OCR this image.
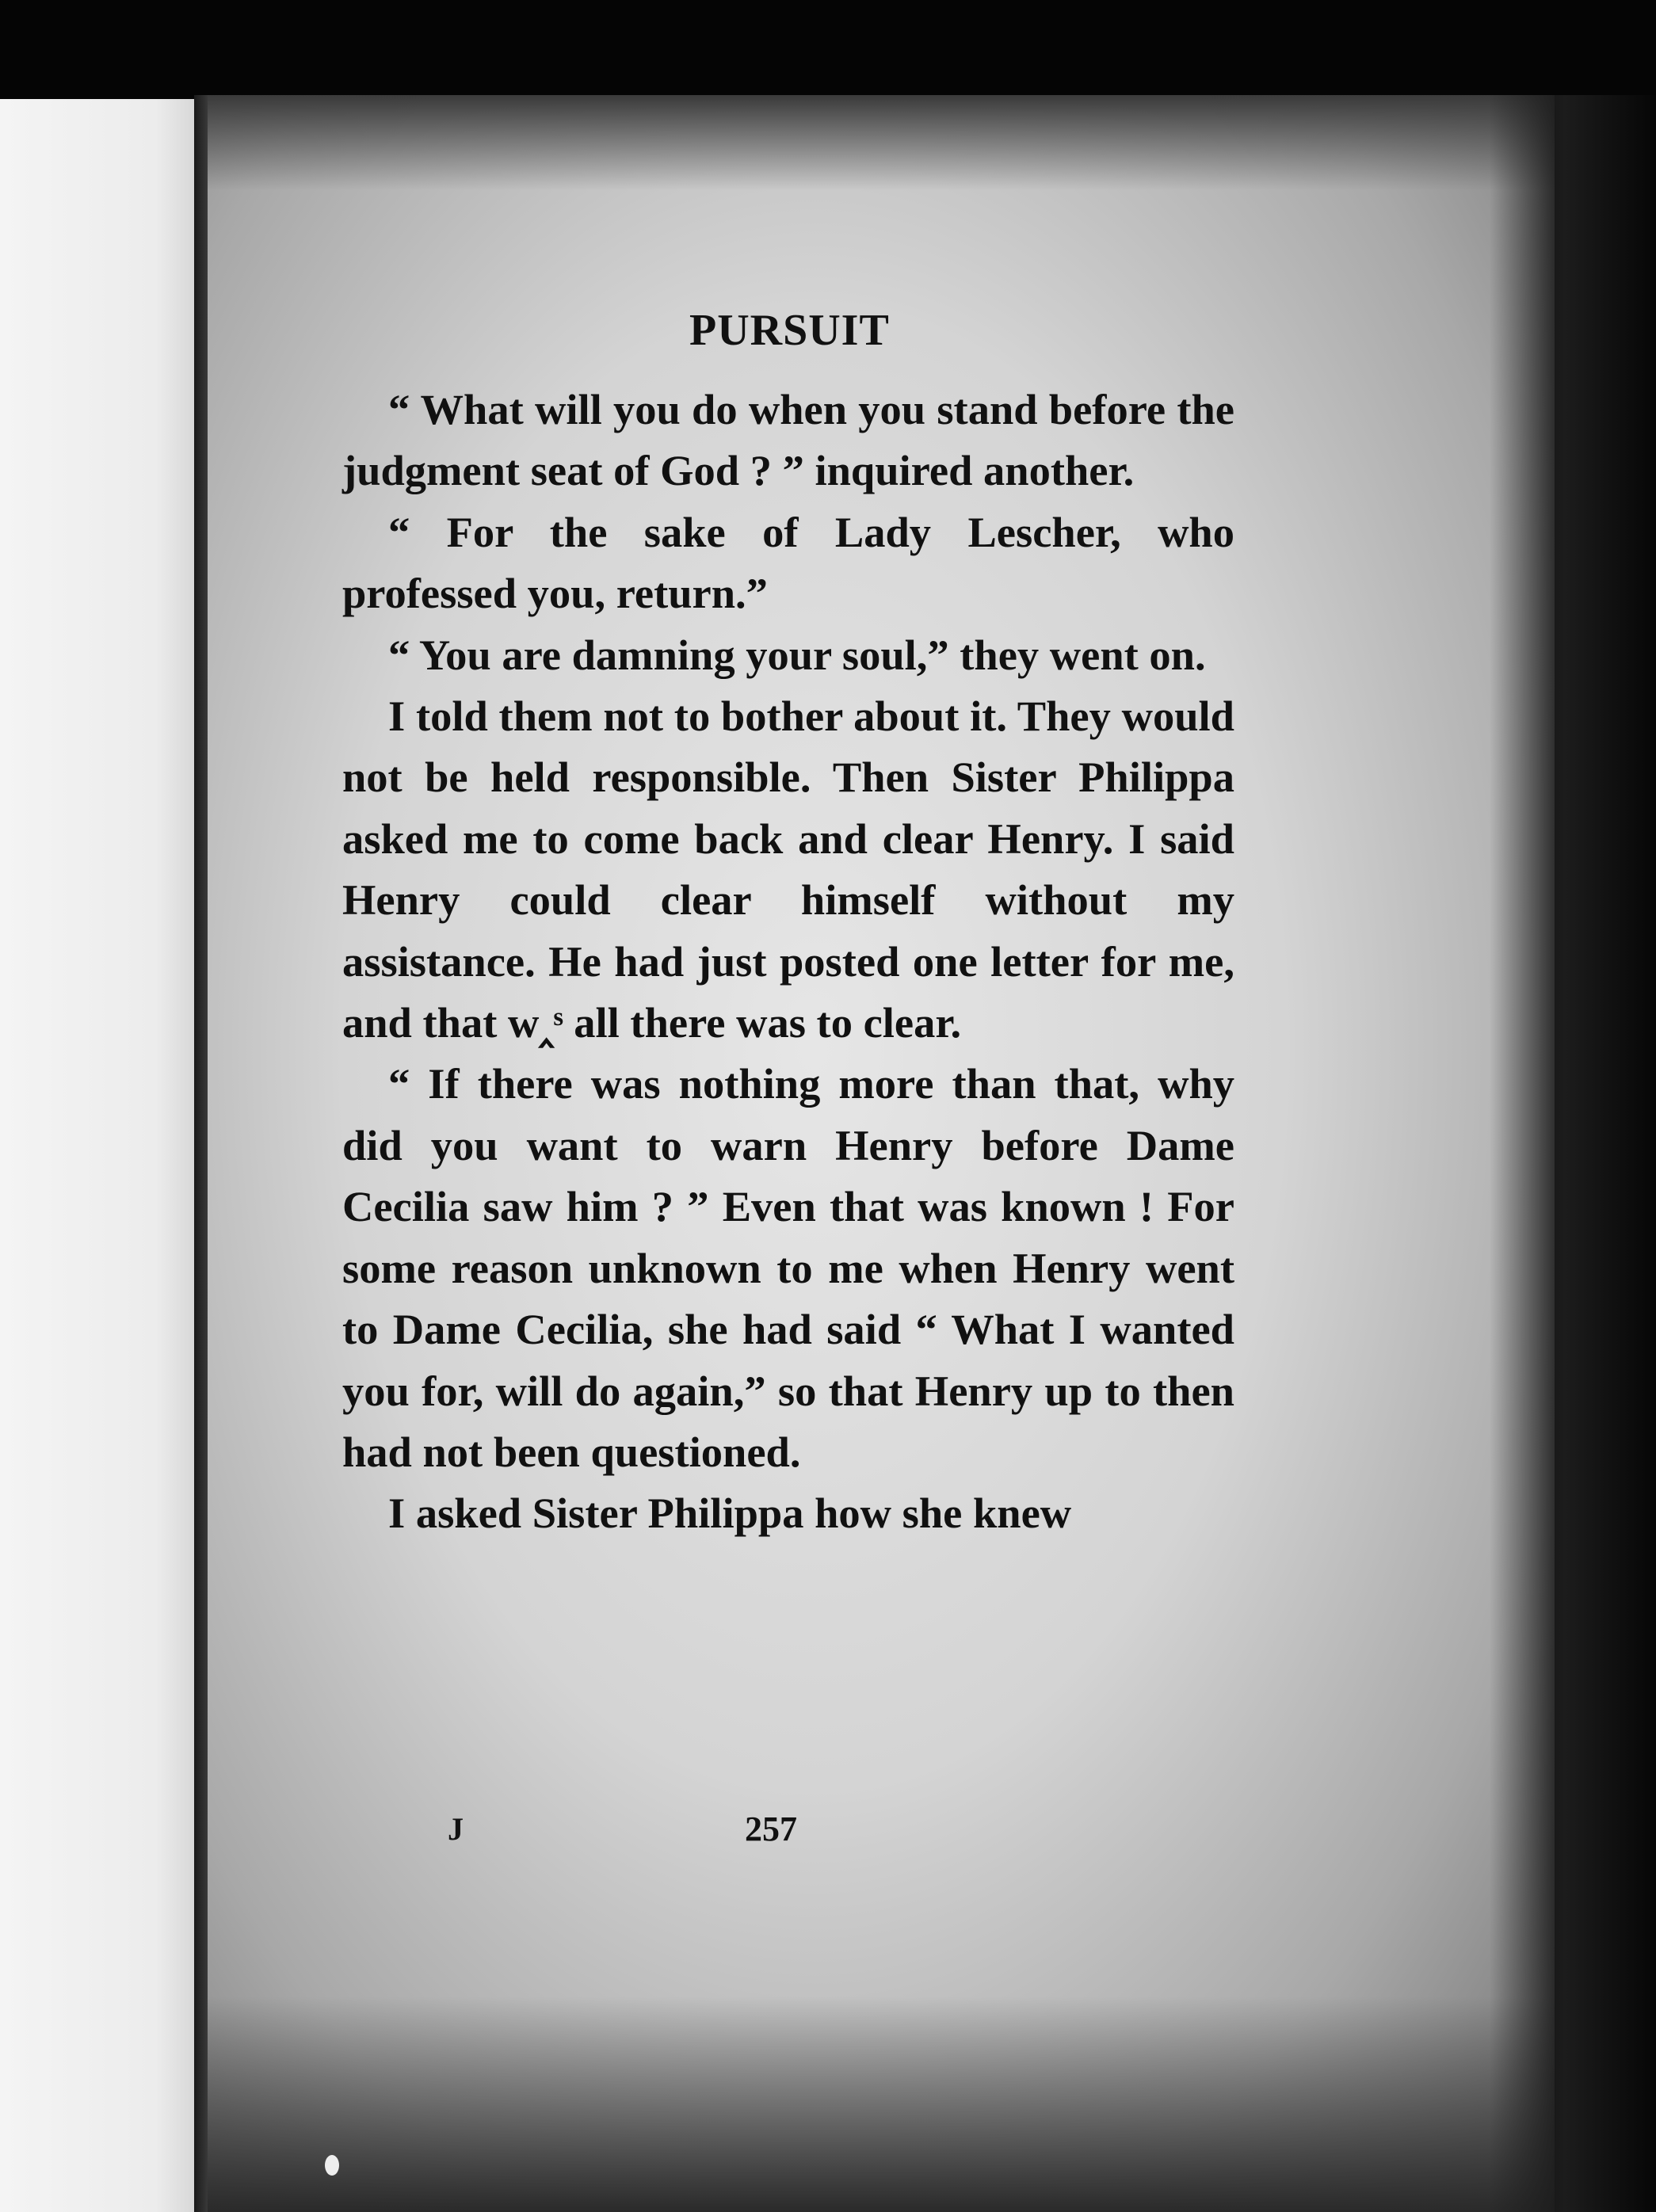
PURSUIT

“ What will you do when you stand before the judgment seat of God ? ” inquired another.

“ For the sake of Lady Lescher, who professed you, return.”

“ You are damning your soul,” they went on.

I told them not to bother about it. They would not be held responsible. Then Sister Philippa asked me to come back and clear Henry. I said Henry could clear himself without my assistance. He had just posted one letter for me, and that w‸ˢ all there was to clear.

“ If there was nothing more than that, why did you want to warn Henry before Dame Cecilia saw him ? ” Even that was known ! For some reason unknown to me when Henry went to Dame Cecilia, she had said “ What I wanted you for, will do again,” so that Henry up to then had not been questioned.

I asked Sister Philippa how she knew

J	257
